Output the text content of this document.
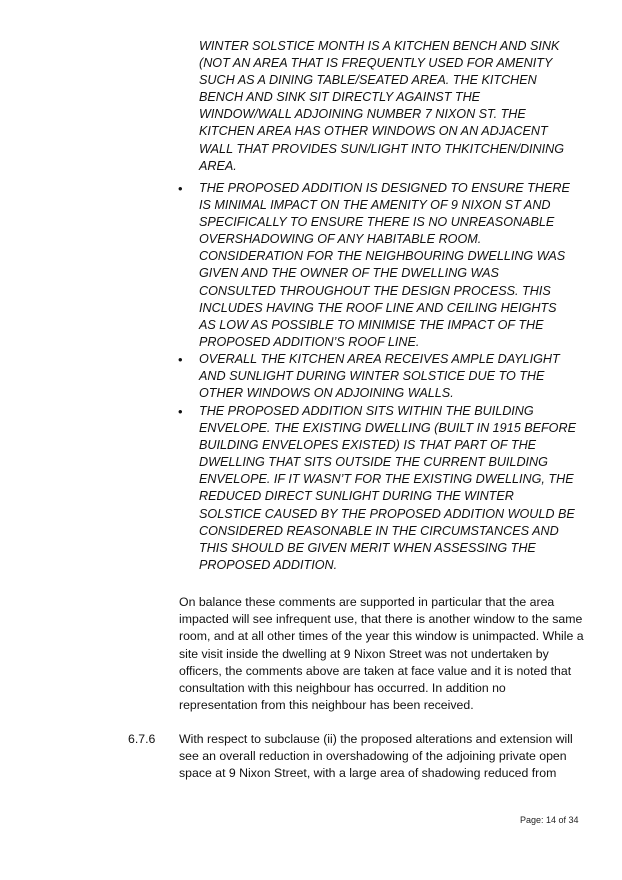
WINTER SOLSTICE MONTH IS A KITCHEN BENCH AND SINK
(NOT AN AREA THAT IS FREQUENTLY USED FOR AMENITY
SUCH AS A DINING TABLE/SEATED AREA. THE KITCHEN
BENCH AND SINK SIT DIRECTLY AGAINST THE
WINDOW/WALL ADJOINING NUMBER 7 NIXON ST. THE
KITCHEN AREA HAS OTHER WINDOWS ON AN ADJACENT
WALL THAT PROVIDES SUN/LIGHT INTO THKITCHEN/DINING
AREA.
• THE PROPOSED ADDITION IS DESIGNED TO ENSURE THERE
IS MINIMAL IMPACT ON THE AMENITY OF 9 NIXON ST AND
SPECIFICALLY TO ENSURE THERE IS NO UNREASONABLE
OVERSHADOWING OF ANY HABITABLE ROOM.
CONSIDERATION FOR THE NEIGHBOURING DWELLING WAS
GIVEN AND THE OWNER OF THE DWELLING WAS
CONSULTED THROUGHOUT THE DESIGN PROCESS. THIS
INCLUDES HAVING THE ROOF LINE AND CEILING HEIGHTS
AS LOW AS POSSIBLE TO MINIMISE THE IMPACT OF THE
PROPOSED ADDITION’S ROOF LINE.
• OVERALL THE KITCHEN AREA RECEIVES AMPLE DAYLIGHT
AND SUNLIGHT DURING WINTER SOLSTICE DUE TO THE
OTHER WINDOWS ON ADJOINING WALLS.
• THE PROPOSED ADDITION SITS WITHIN THE BUILDING
ENVELOPE. THE EXISTING DWELLING (BUILT IN 1915 BEFORE
BUILDING ENVELOPES EXISTED) IS THAT PART OF THE
DWELLING THAT SITS OUTSIDE THE CURRENT BUILDING
ENVELOPE. IF IT WASN’T FOR THE EXISTING DWELLING, THE
REDUCED DIRECT SUNLIGHT DURING THE WINTER
SOLSTICE CAUSED BY THE PROPOSED ADDITION WOULD BE
CONSIDERED REASONABLE IN THE CIRCUMSTANCES AND
THIS SHOULD BE GIVEN MERIT WHEN ASSESSING THE
PROPOSED ADDITION.
On balance these comments are supported in particular that the area
impacted will see infrequent use, that there is another window to the same
room, and at all other times of the year this window is unimpacted. While a
site visit inside the dwelling at 9 Nixon Street was not undertaken by
officers, the comments above are taken at face value and it is noted that
consultation with this neighbour has occurred. In addition no
representation from this neighbour has been received.
6.7.6 With respect to subclause (ii) the proposed alterations and extension will
see an overall reduction in overshadowing of the adjoining private open
space at 9 Nixon Street, with a large area of shadowing reduced from
Page: 14 of 34
